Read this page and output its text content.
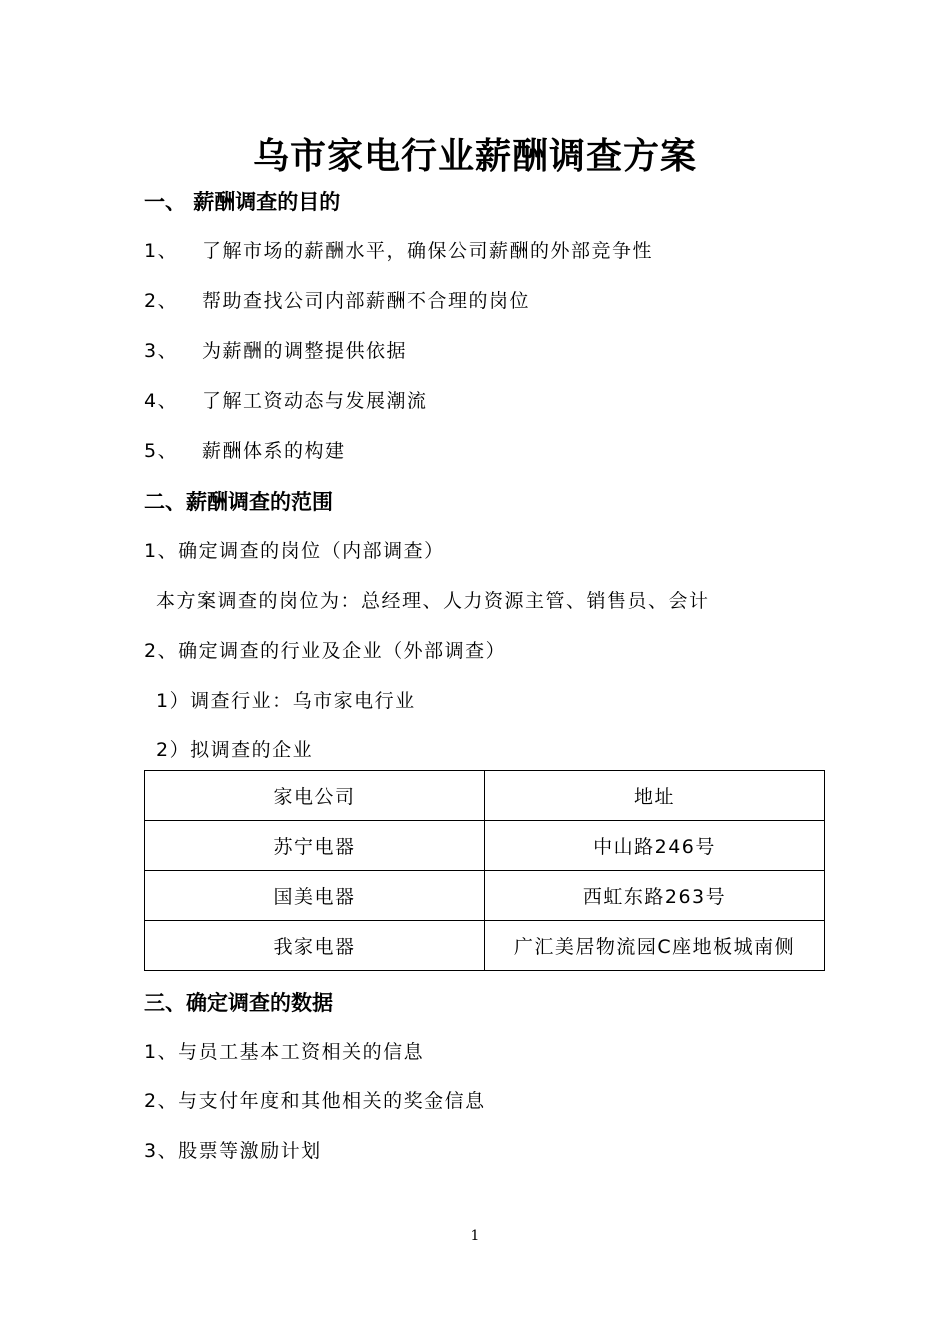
乌市家电行业薪酬调查方案
一、 薪酬调查的目的
1、 了解市场的薪酬水平，确保公司薪酬的外部竞争性
2、 帮助查找公司内部薪酬不合理的岗位
3、 为薪酬的调整提供依据
4、 了解工资动态与发展潮流
5、 薪酬体系的构建
二、薪酬调查的范围
1、确定调查的岗位（内部调查）
本方案调查的岗位为：总经理、人力资源主管、销售员、会计
2、确定调查的行业及企业（外部调查）
1）调查行业：乌市家电行业
2）拟调查的企业
家电公司	地址
苏宁电器	中山路246号
国美电器	西虹东路263号
我家电器	广汇美居物流园C座地板城南侧
三、确定调查的数据
1、与员工基本工资相关的信息
2、与支付年度和其他相关的奖金信息
3、股票等激励计划
1
